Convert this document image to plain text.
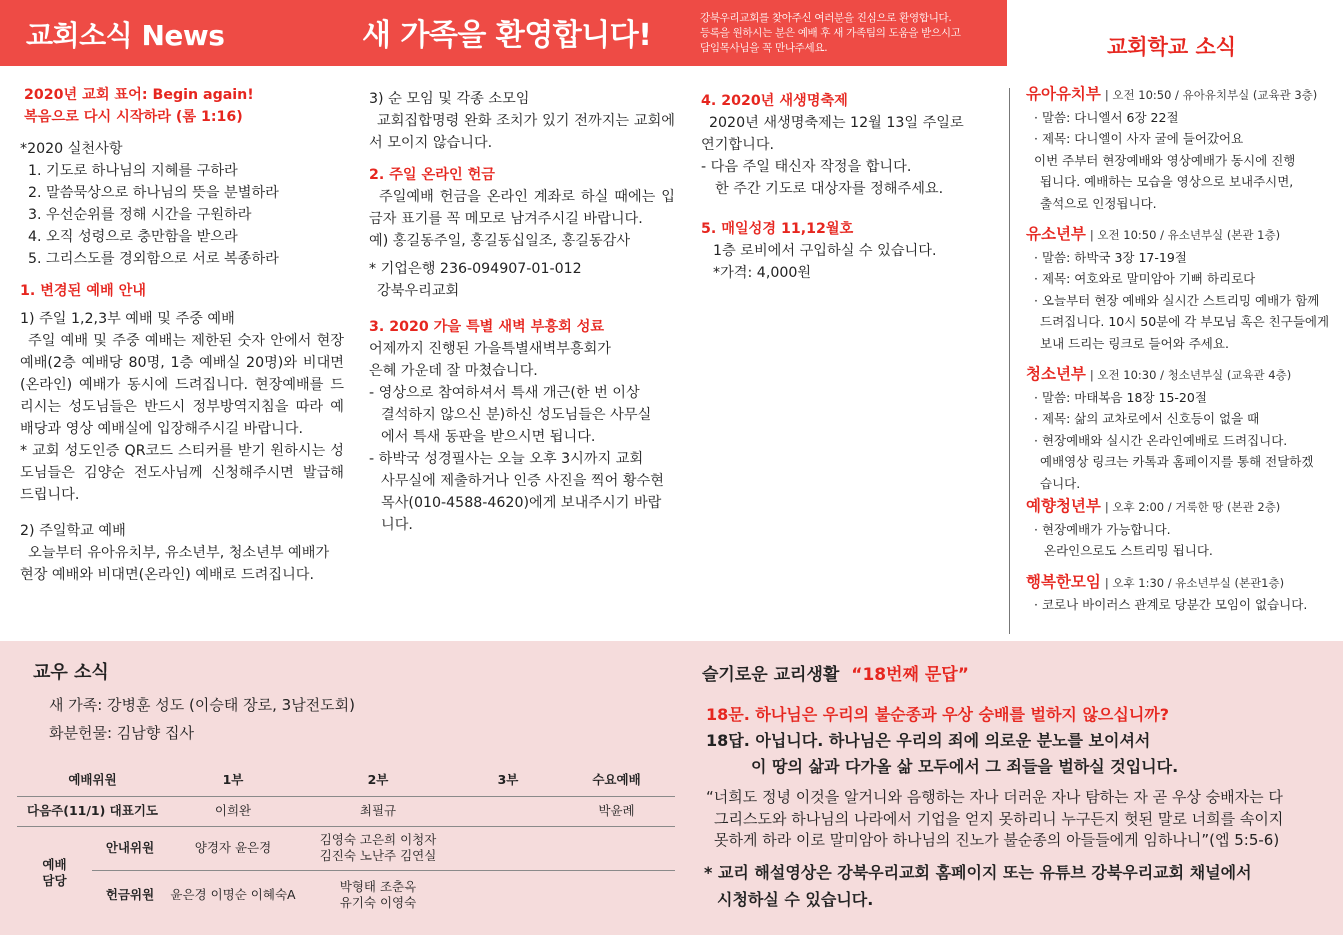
교회소식 News	새 가족을 환영합니다!	강북우리교회를 찾아주신 여러분을 진심으로 환영합니다.
등록을 원하시는 분은 예배 후 새 가족팀의 도움을 받으시고
담임목사님을 꼭 만나주세요.	교회학교 소식
2020년 교회 표어: Begin again!
복음으로 다시 시작하라 (롬 1:16)
*2020 실천사항
1. 기도로 하나님의 지혜를 구하라
2. 말씀묵상으로 하나님의 뜻을 분별하라
3. 우선순위를 정해 시간을 구원하라
4. 오직 성령으로 충만함을 받으라
5. 그리스도를 경외함으로 서로 복종하라
1. 변경된 예배 안내
1) 주일 1,2,3부 예배 및 주중 예배
주일 예배 및 주중 예배는 제한된 숫자 안에서 현장 예배(2층 예배당 80명, 1층 예배실 20명)와 비대면(온라인) 예배가 동시에 드려집니다. 현장예배를 드리시는 성도님들은 반드시 정부방역지침을 따라 예배당과 영상 예배실에 입장해주시길 바랍니다.
* 교회 성도인증 QR코드 스티커를 받기 원하시는 성도님들은 김양순 전도사님께 신청해주시면 발급해 드립니다.
2) 주일학교 예배
오늘부터 유아유치부, 유소년부, 청소년부 예배가 현장 예배와 비대면(온라인) 예배로 드려집니다.
3) 순 모임 및 각종 소모임
교회집합명령 완화 조치가 있기 전까지는 교회에서 모이지 않습니다.
2. 주일 온라인 헌금
주일예배 헌금을 온라인 계좌로 하실 때에는 입금자 표기를 꼭 메모로 남겨주시길 바랍니다.
예) 홍길동주일, 홍길동십일조, 홍길동감사
* 기업은행 236-094907-01-012
강북우리교회
3. 2020 가을 특별 새벽 부흥회 성료
어제까지 진행된 가을특별새벽부흥회가
은혜 가운데 잘 마쳤습니다.
- 영상으로 참여하셔서 특새 개근(한 번 이상
결석하지 않으신 분)하신 성도님들은 사무실
에서 특새 동판을 받으시면 됩니다.
- 하박국 성경필사는 오늘 오후 3시까지 교회
사무실에 제출하거나 인증 사진을 찍어 황수현
목사(010-4588-4620)에게 보내주시기 바랍니다.
4. 2020년 새생명축제
2020년 새생명축제는 12월 13일 주일로
연기합니다.
- 다음 주일 태신자 작정을 합니다.
한 주간 기도로 대상자를 정해주세요.
5. 매일성경 11,12월호
1층 로비에서 구입하실 수 있습니다.
*가격: 4,000원
유아유치부 | 오전 10:50 / 유아유치부실 (교육관 3층)
· 말씀: 다니엘서 6장 22절
· 제목: 다니엘이 사자 굴에 들어갔어요
이번 주부터 현장예배와 영상예배가 동시에 진행
됩니다. 예배하는 모습을 영상으로 보내주시면,
출석으로 인정됩니다.
유소년부 | 오전 10:50 / 유소년부실 (본관 1층)
· 말씀: 하박국 3장 17-19절
· 제목: 여호와로 말미암아 기뻐 하리로다
· 오늘부터 현장 예배와 실시간 스트리밍 예배가 함께
드려집니다. 10시 50분에 각 부모님 혹은 친구들에게
보내 드리는 링크로 들어와 주세요.
청소년부 | 오전 10:30 / 청소년부실 (교육관 4층)
· 말씀: 마태복음 18장 15-20절
· 제목: 삶의 교차로에서 신호등이 없을 때
· 현장예배와 실시간 온라인예배로 드려집니다.
예배영상 링크는 카톡과 홈페이지를 통해 전달하겠
습니다.
예향청년부 | 오후 2:00 / 거룩한 땅 (본관 2층)
· 현장예배가 가능합니다.
온라인으로도 스트리밍 됩니다.
행복한모임 | 오후 1:30 / 유소년부실 (본관1층)
· 코로나 바이러스 관계로 당분간 모임이 없습니다.
교우 소식
새 가족: 강병훈 성도 (이승태 장로, 3남전도회)
화분헌물: 김남향 집사
예배위원		1부	2부	3부	수요예배
다음주(11/1) 대표기도		이희완	최필규		박윤례
예배
담당	안내위원	양경자 윤은경	김영숙 고은희 이청자
김진숙 노난주 김연실		
	헌금위원	윤은경 이명순 이혜숙A	박형태 조춘옥
유기숙 이영숙		
슬기로운 교리생활 “18번째 문답”
18문. 하나님은 우리의 불순종과 우상 숭배를 벌하지 않으십니까?
18답. 아닙니다. 하나님은 우리의 죄에 의로운 분노를 보이셔서
이 땅의 삶과 다가올 삶 모두에서 그 죄들을 벌하실 것입니다.
“너희도 정녕 이것을 알거니와 음행하는 자나 더러운 자나 탐하는 자 곧 우상 숭배자는 다
그리스도와 하나님의 나라에서 기업을 얻지 못하리니 누구든지 헛된 말로 너희를 속이지
못하게 하라 이로 말미암아 하나님의 진노가 불순종의 아들들에게 임하나니”(엡 5:5-6)
* 교리 해설영상은 강북우리교회 홈페이지 또는 유튜브 강북우리교회 채널에서
시청하실 수 있습니다.
